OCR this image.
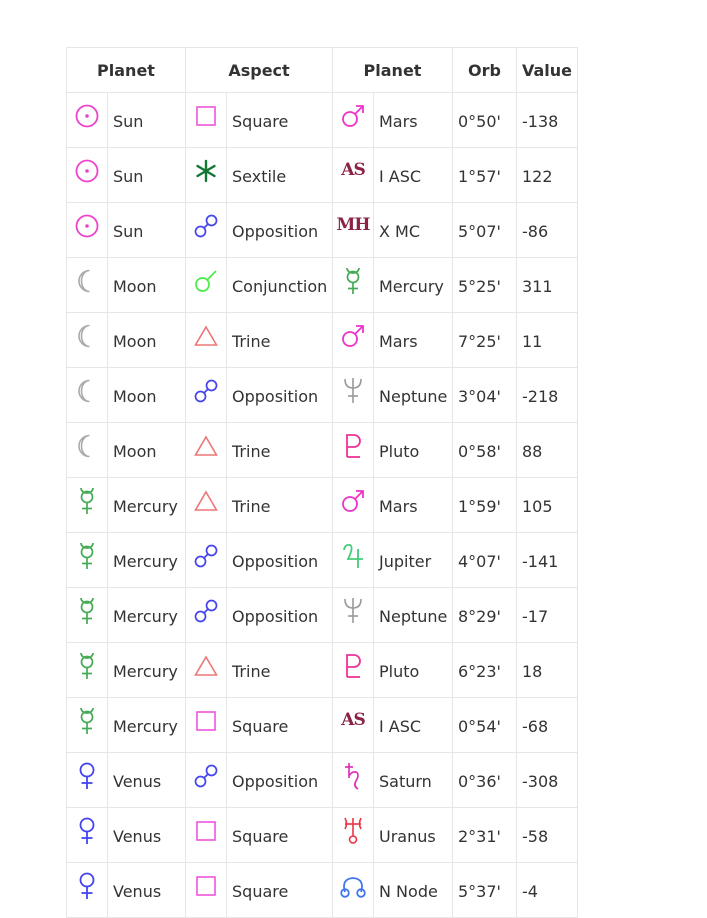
Planet		Aspect		Planet		Orb	Value

	Sun		Square		Mars	0°50'	-138

	Sun		Sextile	AS	I ASC	1°57'	122

	Sun		Opposition	MH	X MC	5°07'	-86

	Moon		Conjunction		Mercury	5°25'	311

	Moon		Trine		Mars	7°25'	11

	Moon		Opposition		Neptune	3°04'	-218

	Moon		Trine		Pluto	0°58'	88

	Mercury		Trine		Mars	1°59'	105

	Mercury		Opposition		Jupiter	4°07'	-141

	Mercury		Opposition		Neptune	8°29'	-17

	Mercury		Trine		Pluto	6°23'	18

	Mercury		Square	AS	I ASC	0°54'	-68

	Venus		Opposition		Saturn	0°36'	-308

	Venus		Square		Uranus	2°31'	-58

	Venus		Square		N Node	5°37'	-4
